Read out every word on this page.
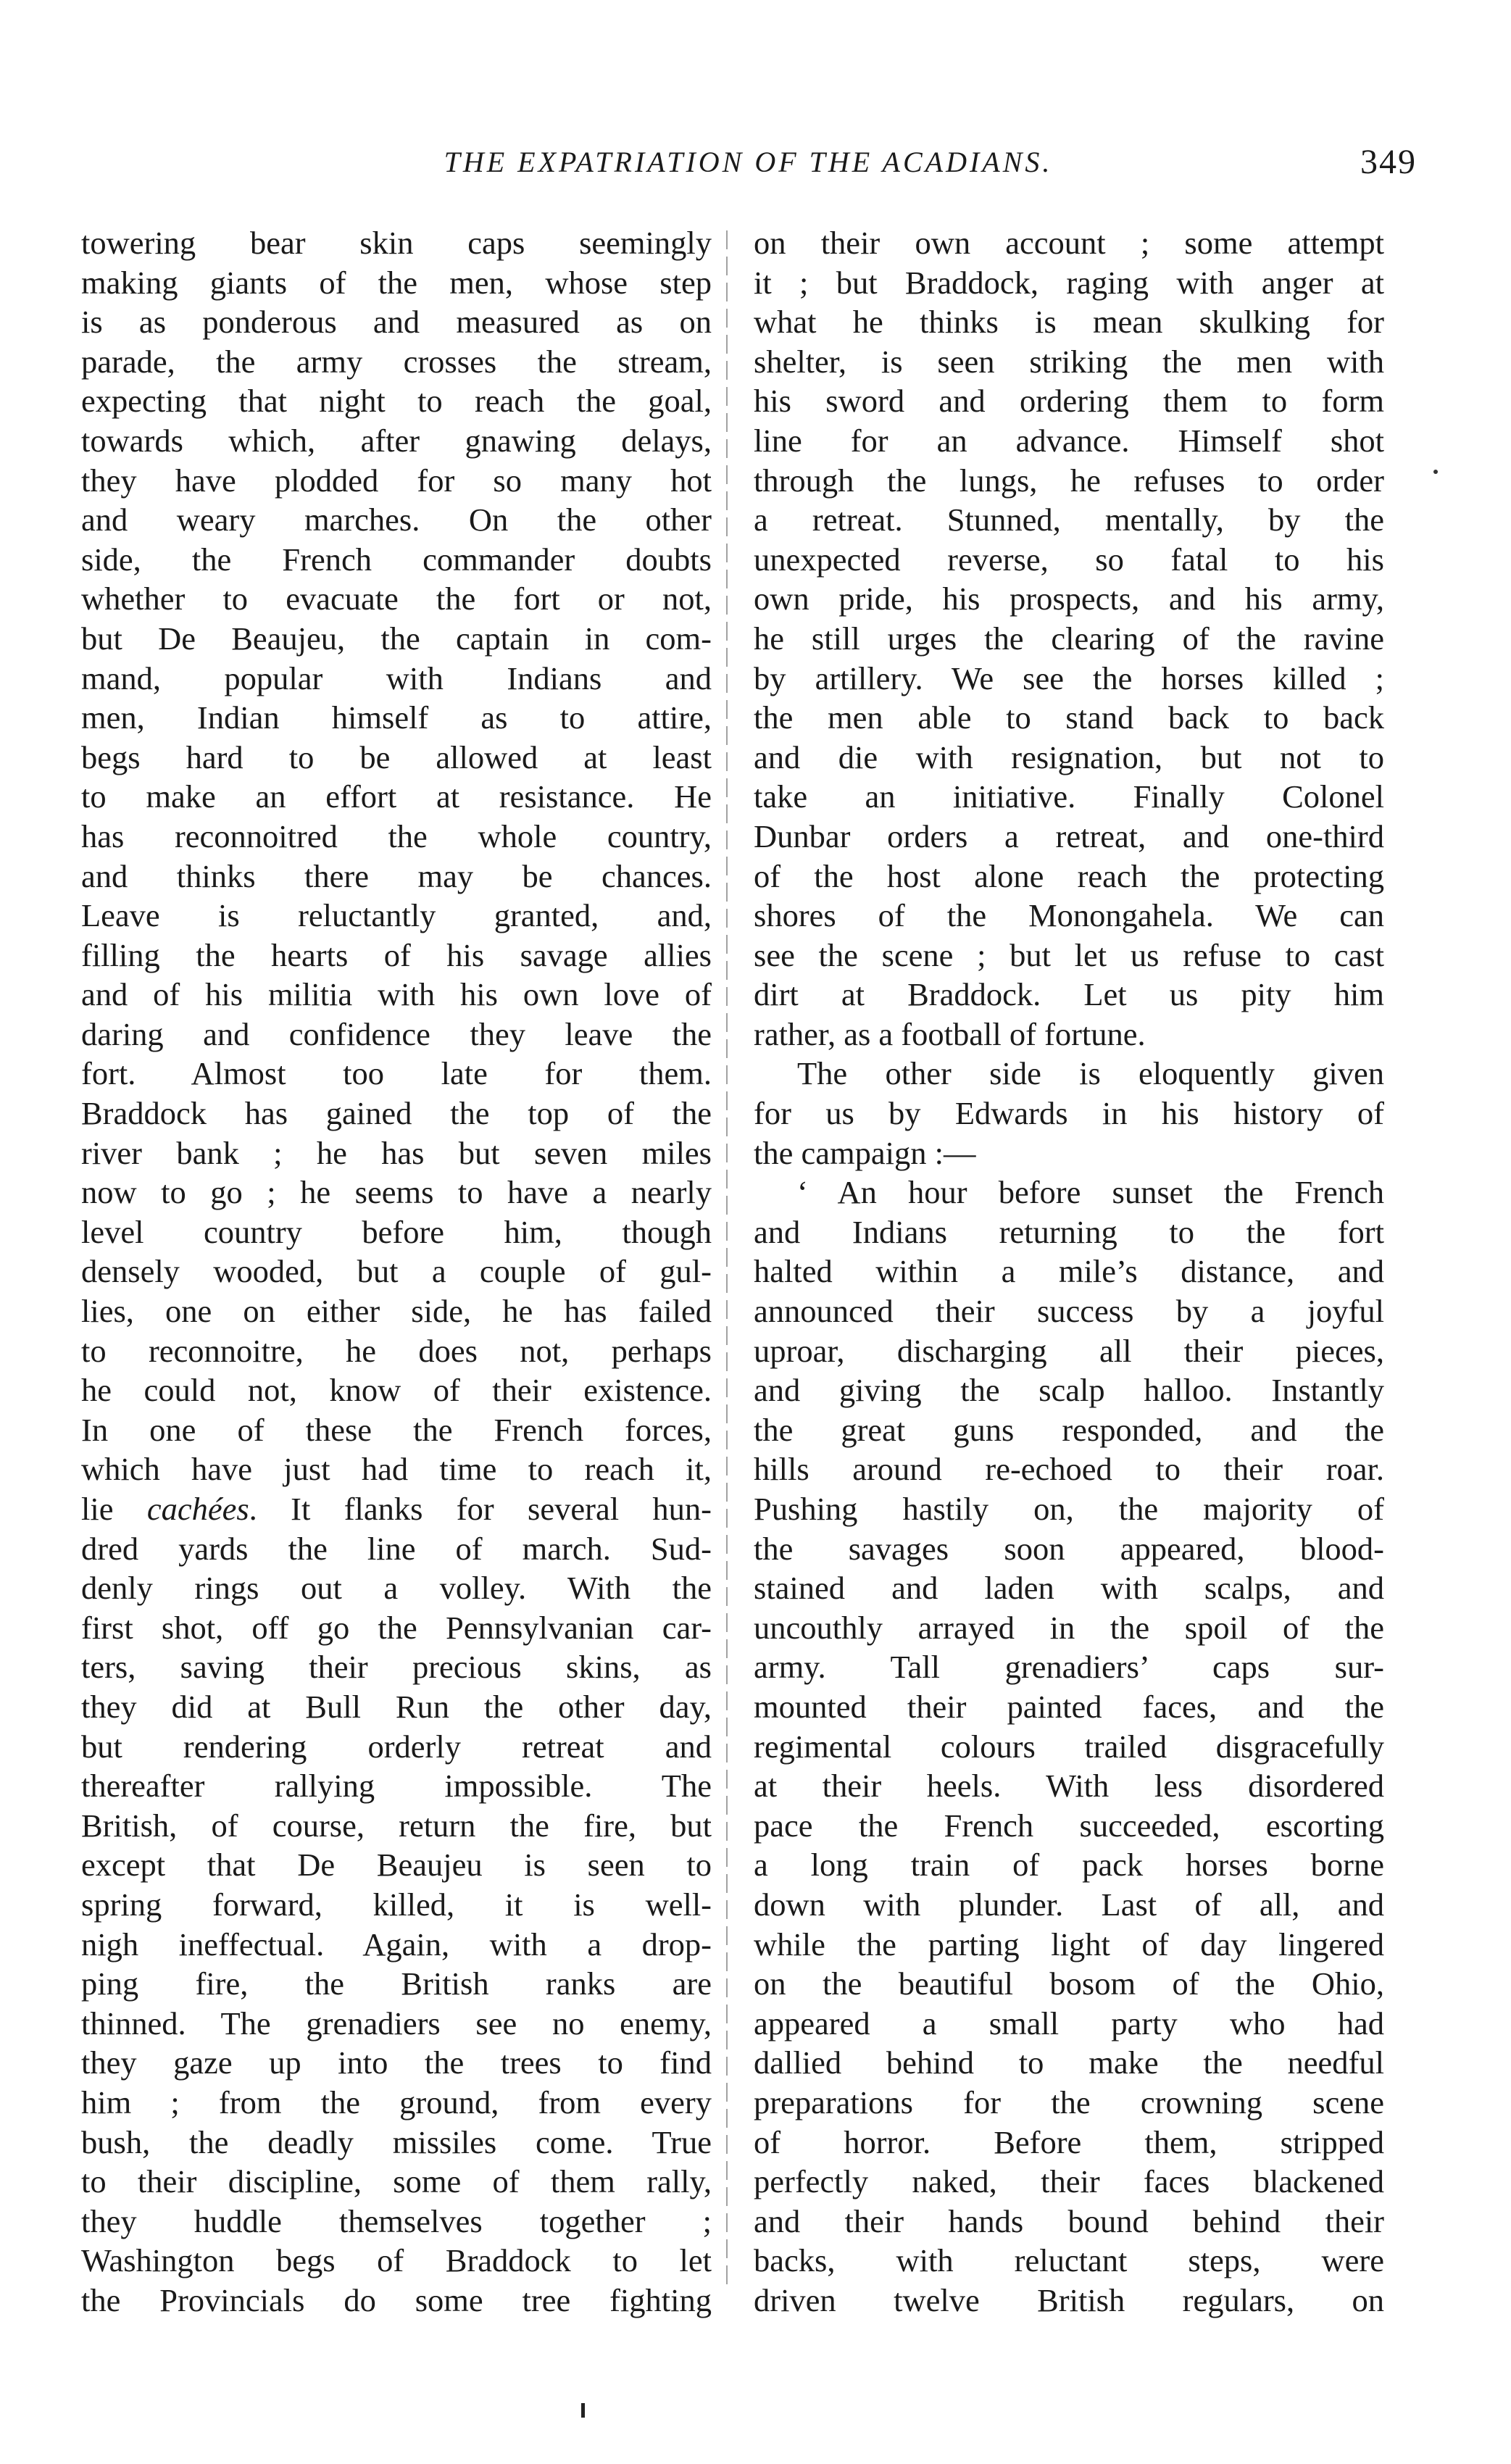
THE EXPATRIATION OF THE ACADIANS.	349
towering bear skin caps seemingly
making giants of the men, whose step
is as ponderous and measured as on
parade, the army crosses the stream,
expecting that night to reach the goal,
towards which, after gnawing delays,
they have plodded for so many hot
and weary marches. On the other
side, the French commander doubts
whether to evacuate the fort or not,
but De Beaujeu, the captain in com-
mand, popular with Indians and
men, Indian himself as to attire,
begs hard to be allowed at least
to make an effort at resistance. He
has reconnoitred the whole country,
and thinks there may be chances.
Leave is reluctantly granted, and,
filling the hearts of his savage allies
and of his militia with his own love of
daring and confidence they leave the
fort. Almost too late for them.
Braddock has gained the top of the
river bank ; he has but seven miles
now to go ; he seems to have a nearly
level country before him, though
densely wooded, but a couple of gul-
lies, one on either side, he has failed
to reconnoitre, he does not, perhaps
he could not, know of their existence.
In one of these the French forces,
which have just had time to reach it,
lie cachées. It flanks for several hun-
dred yards the line of march. Sud-
denly rings out a volley. With the
first shot, off go the Pennsylvanian car-
ters, saving their precious skins, as
they did at Bull Run the other day,
but rendering orderly retreat and
thereafter rallying impossible. The
British, of course, return the fire, but
except that De Beaujeu is seen to
spring forward, killed, it is well-
nigh ineffectual. Again, with a drop-
ping fire, the British ranks are
thinned. The grenadiers see no enemy,
they gaze up into the trees to find
him ; from the ground, from every
bush, the deadly missiles come. True
to their discipline, some of them rally,
they huddle themselves together ;
Washington begs of Braddock to let
the Provincials do some tree fighting
on their own account ; some attempt
it ; but Braddock, raging with anger at
what he thinks is mean skulking for
shelter, is seen striking the men with
his sword and ordering them to form
line for an advance. Himself shot
through the lungs, he refuses to order
a retreat. Stunned, mentally, by the
unexpected reverse, so fatal to his
own pride, his prospects, and his army,
he still urges the clearing of the ravine
by artillery. We see the horses killed ;
the men able to stand back to back
and die with resignation, but not to
take an initiative. Finally Colonel
Dunbar orders a retreat, and one-third
of the host alone reach the protecting
shores of the Monongahela. We can
see the scene ; but let us refuse to cast
dirt at Braddock. Let us pity him
rather, as a football of fortune.
The other side is eloquently given
for us by Edwards in his history of
the campaign :—
‘ An hour before sunset the French
and Indians returning to the fort
halted within a mile’s distance, and
announced their success by a joyful
uproar, discharging all their pieces,
and giving the scalp halloo. Instantly
the great guns responded, and the
hills around re-echoed to their roar.
Pushing hastily on, the majority of
the savages soon appeared, blood-
stained and laden with scalps, and
uncouthly arrayed in the spoil of the
army. Tall grenadiers’ caps sur-
mounted their painted faces, and the
regimental colours trailed disgracefully
at their heels. With less disordered
pace the French succeeded, escorting
a long train of pack horses borne
down with plunder. Last of all, and
while the parting light of day lingered
on the beautiful bosom of the Ohio,
appeared a small party who had
dallied behind to make the needful
preparations for the crowning scene
of horror. Before them, stripped
perfectly naked, their faces blackened
and their hands bound behind their
backs, with reluctant steps, were
driven twelve British regulars, on
